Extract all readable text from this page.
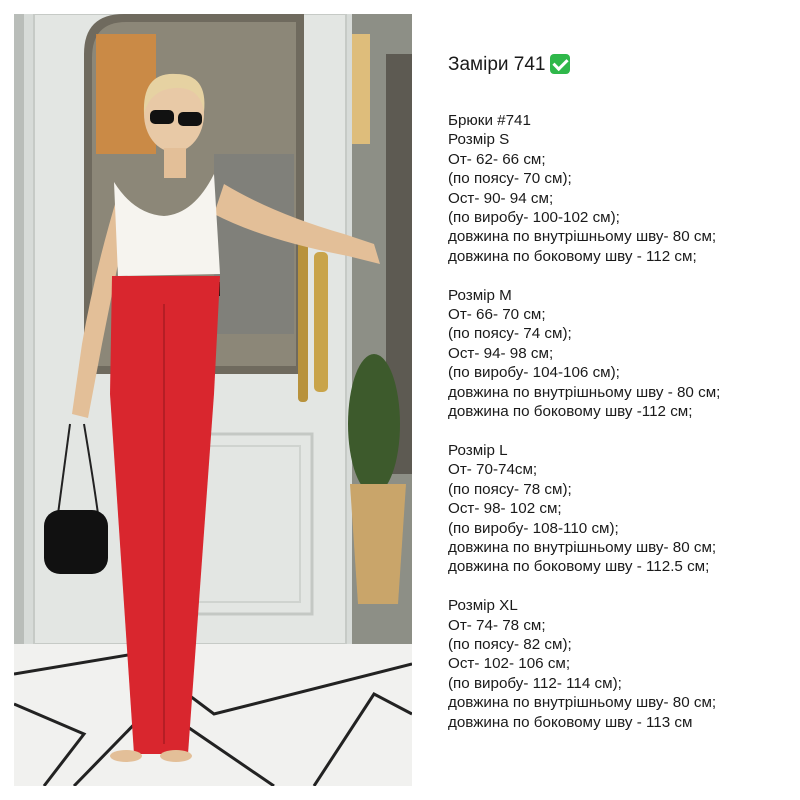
Заміри 741
Брюки #741
Розмір S
От- 62- 66 см;
(по поясу- 70 см);
Ост- 90- 94 см;
(по виробу- 100-102 см);
довжина по внутрішньому шву- 80 см;
довжина по боковому шву - 112 см;
Розмір M
От- 66- 70 см;
(по поясу- 74 см);
Ост- 94- 98 см;
(по виробу- 104-106 см);
довжина по внутрішньому шву - 80 см;
довжина по боковому шву -112 см;
Розмір L
От- 70-74см;
(по поясу- 78 см);
Ост- 98- 102 см;
(по виробу- 108-110 см);
довжина по внутрішньому шву- 80 см;
довжина по боковому шву - 112.5 см;
Розмір XL
От- 74- 78 см;
(по поясу- 82 см);
Ост- 102- 106 см;
(по виробу- 112- 114 см);
довжина по внутрішньому шву- 80 см;
довжина по боковому шву - 113 см
